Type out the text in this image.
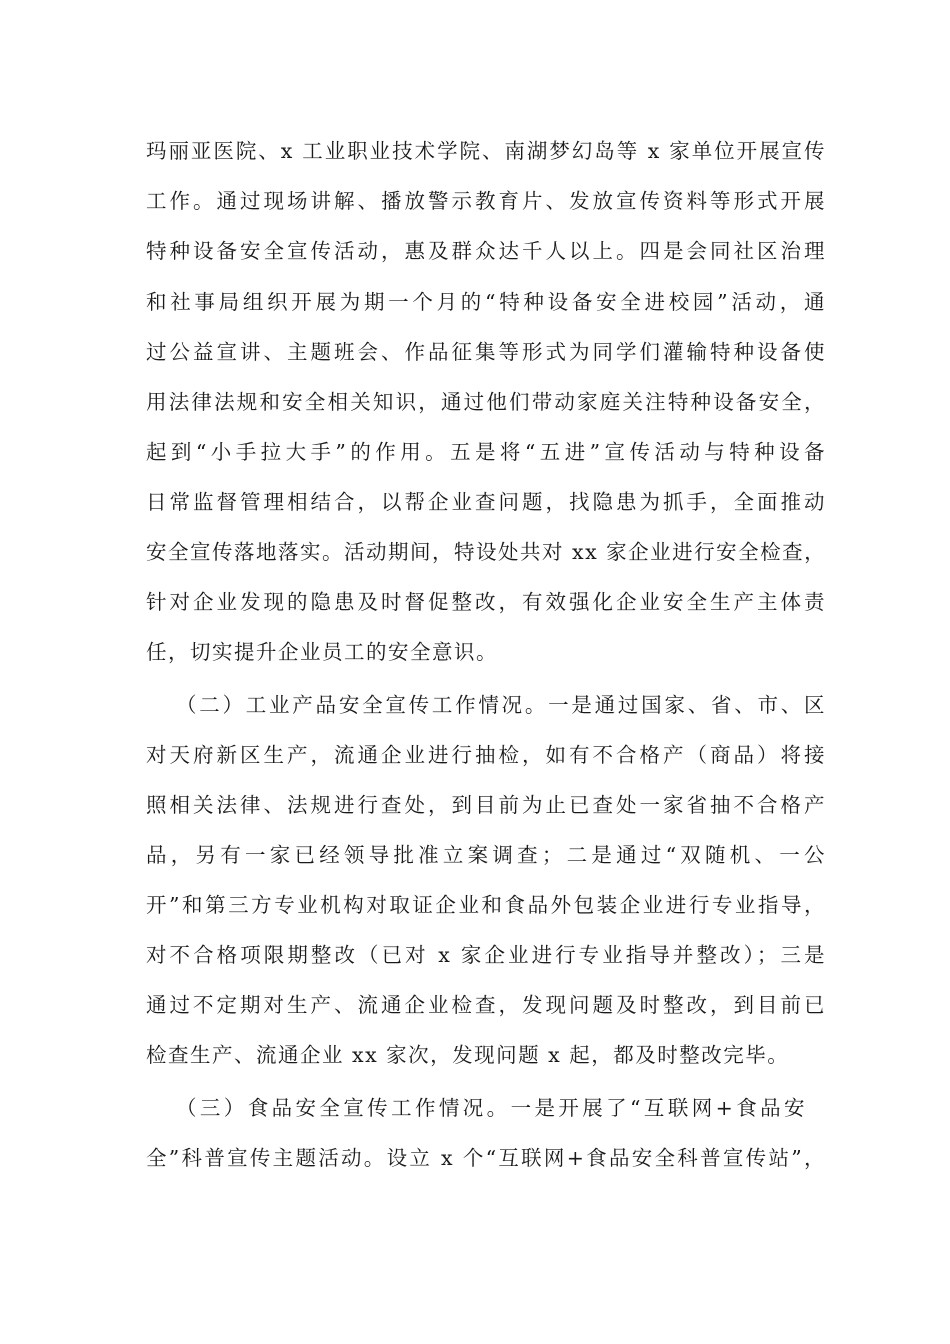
玛丽亚医院、x 工业职业技术学院、南湖梦幻岛等 x 家单位开展宣传
工作。通过现场讲解、播放警示教育片、发放宣传资料等形式开展
特种设备安全宣传活动，惠及群众达千人以上。四是会同社区治理
和社事局组织开展为期一个月的“特种设备安全进校园”活动，通
过公益宣讲、主题班会、作品征集等形式为同学们灌输特种设备使
用法律法规和安全相关知识，通过他们带动家庭关注特种设备安全，
起到“小手拉大手”的作用。五是将“五进”宣传活动与特种设备
日常监督管理相结合，以帮企业查问题，找隐患为抓手，全面推动
安全宣传落地落实。活动期间，特设处共对 xx 家企业进行安全检查，
针对企业发现的隐患及时督促整改，有效强化企业安全生产主体责
任，切实提升企业员工的安全意识。
（二）工业产品安全宣传工作情况。一是通过国家、省、市、区
对天府新区生产，流通企业进行抽检，如有不合格产（商品）将接
照相关法律、法规进行查处，到目前为止已查处一家省抽不合格产
品，另有一家已经领导批准立案调查；二是通过“双随机、一公
开”和第三方专业机构对取证企业和食品外包装企业进行专业指导，
对不合格项限期整改（已对 x 家企业进行专业指导并整改）；三是
通过不定期对生产、流通企业检查，发现问题及时整改，到目前已
检查生产、流通企业 xx 家次，发现问题 x 起，都及时整改完毕。
（三）食品安全宣传工作情况。一是开展了“互联网+食品安
全”科普宣传主题活动。设立 x 个“互联网+食品安全科普宣传站”，
